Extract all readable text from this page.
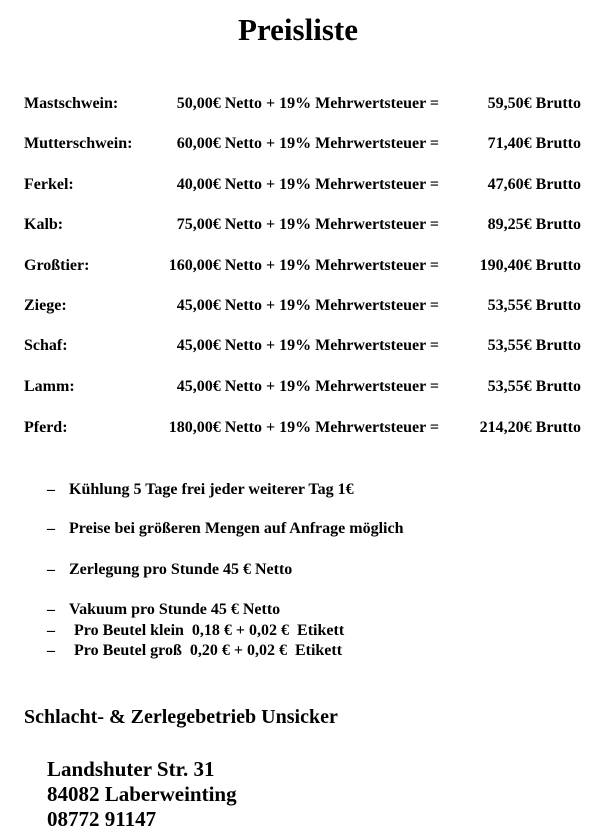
Preisliste
Mastschwein:	50,00€ Netto + 19% Mehrwertsteuer =	59,50€ Brutto
Mutterschwein:	60,00€ Netto + 19% Mehrwertsteuer =	71,40€ Brutto
Ferkel:	40,00€ Netto + 19% Mehrwertsteuer =	47,60€ Brutto
Kalb:	75,00€ Netto + 19% Mehrwertsteuer =	89,25€ Brutto
Großtier:	160,00€ Netto + 19% Mehrwertsteuer =	190,40€ Brutto
Ziege:	45,00€ Netto + 19% Mehrwertsteuer =	53,55€ Brutto
Schaf:	45,00€ Netto + 19% Mehrwertsteuer =	53,55€ Brutto
Lamm:	45,00€ Netto + 19% Mehrwertsteuer =	53,55€ Brutto
Pferd:	180,00€ Netto + 19% Mehrwertsteuer =	214,20€ Brutto
– Kühlung 5 Tage frei jeder weiterer Tag 1€
– Preise bei größeren Mengen auf Anfrage möglich
– Zerlegung pro Stunde 45 € Netto
– Vakuum pro Stunde 45 € Netto
– Pro Beutel klein  0,18 € + 0,02 €  Etikett
– Pro Beutel groß  0,20 € + 0,02 €  Etikett
Schlacht- & Zerlegebetrieb Unsicker
Landshuter Str. 31
84082 Laberweinting
08772 91147
